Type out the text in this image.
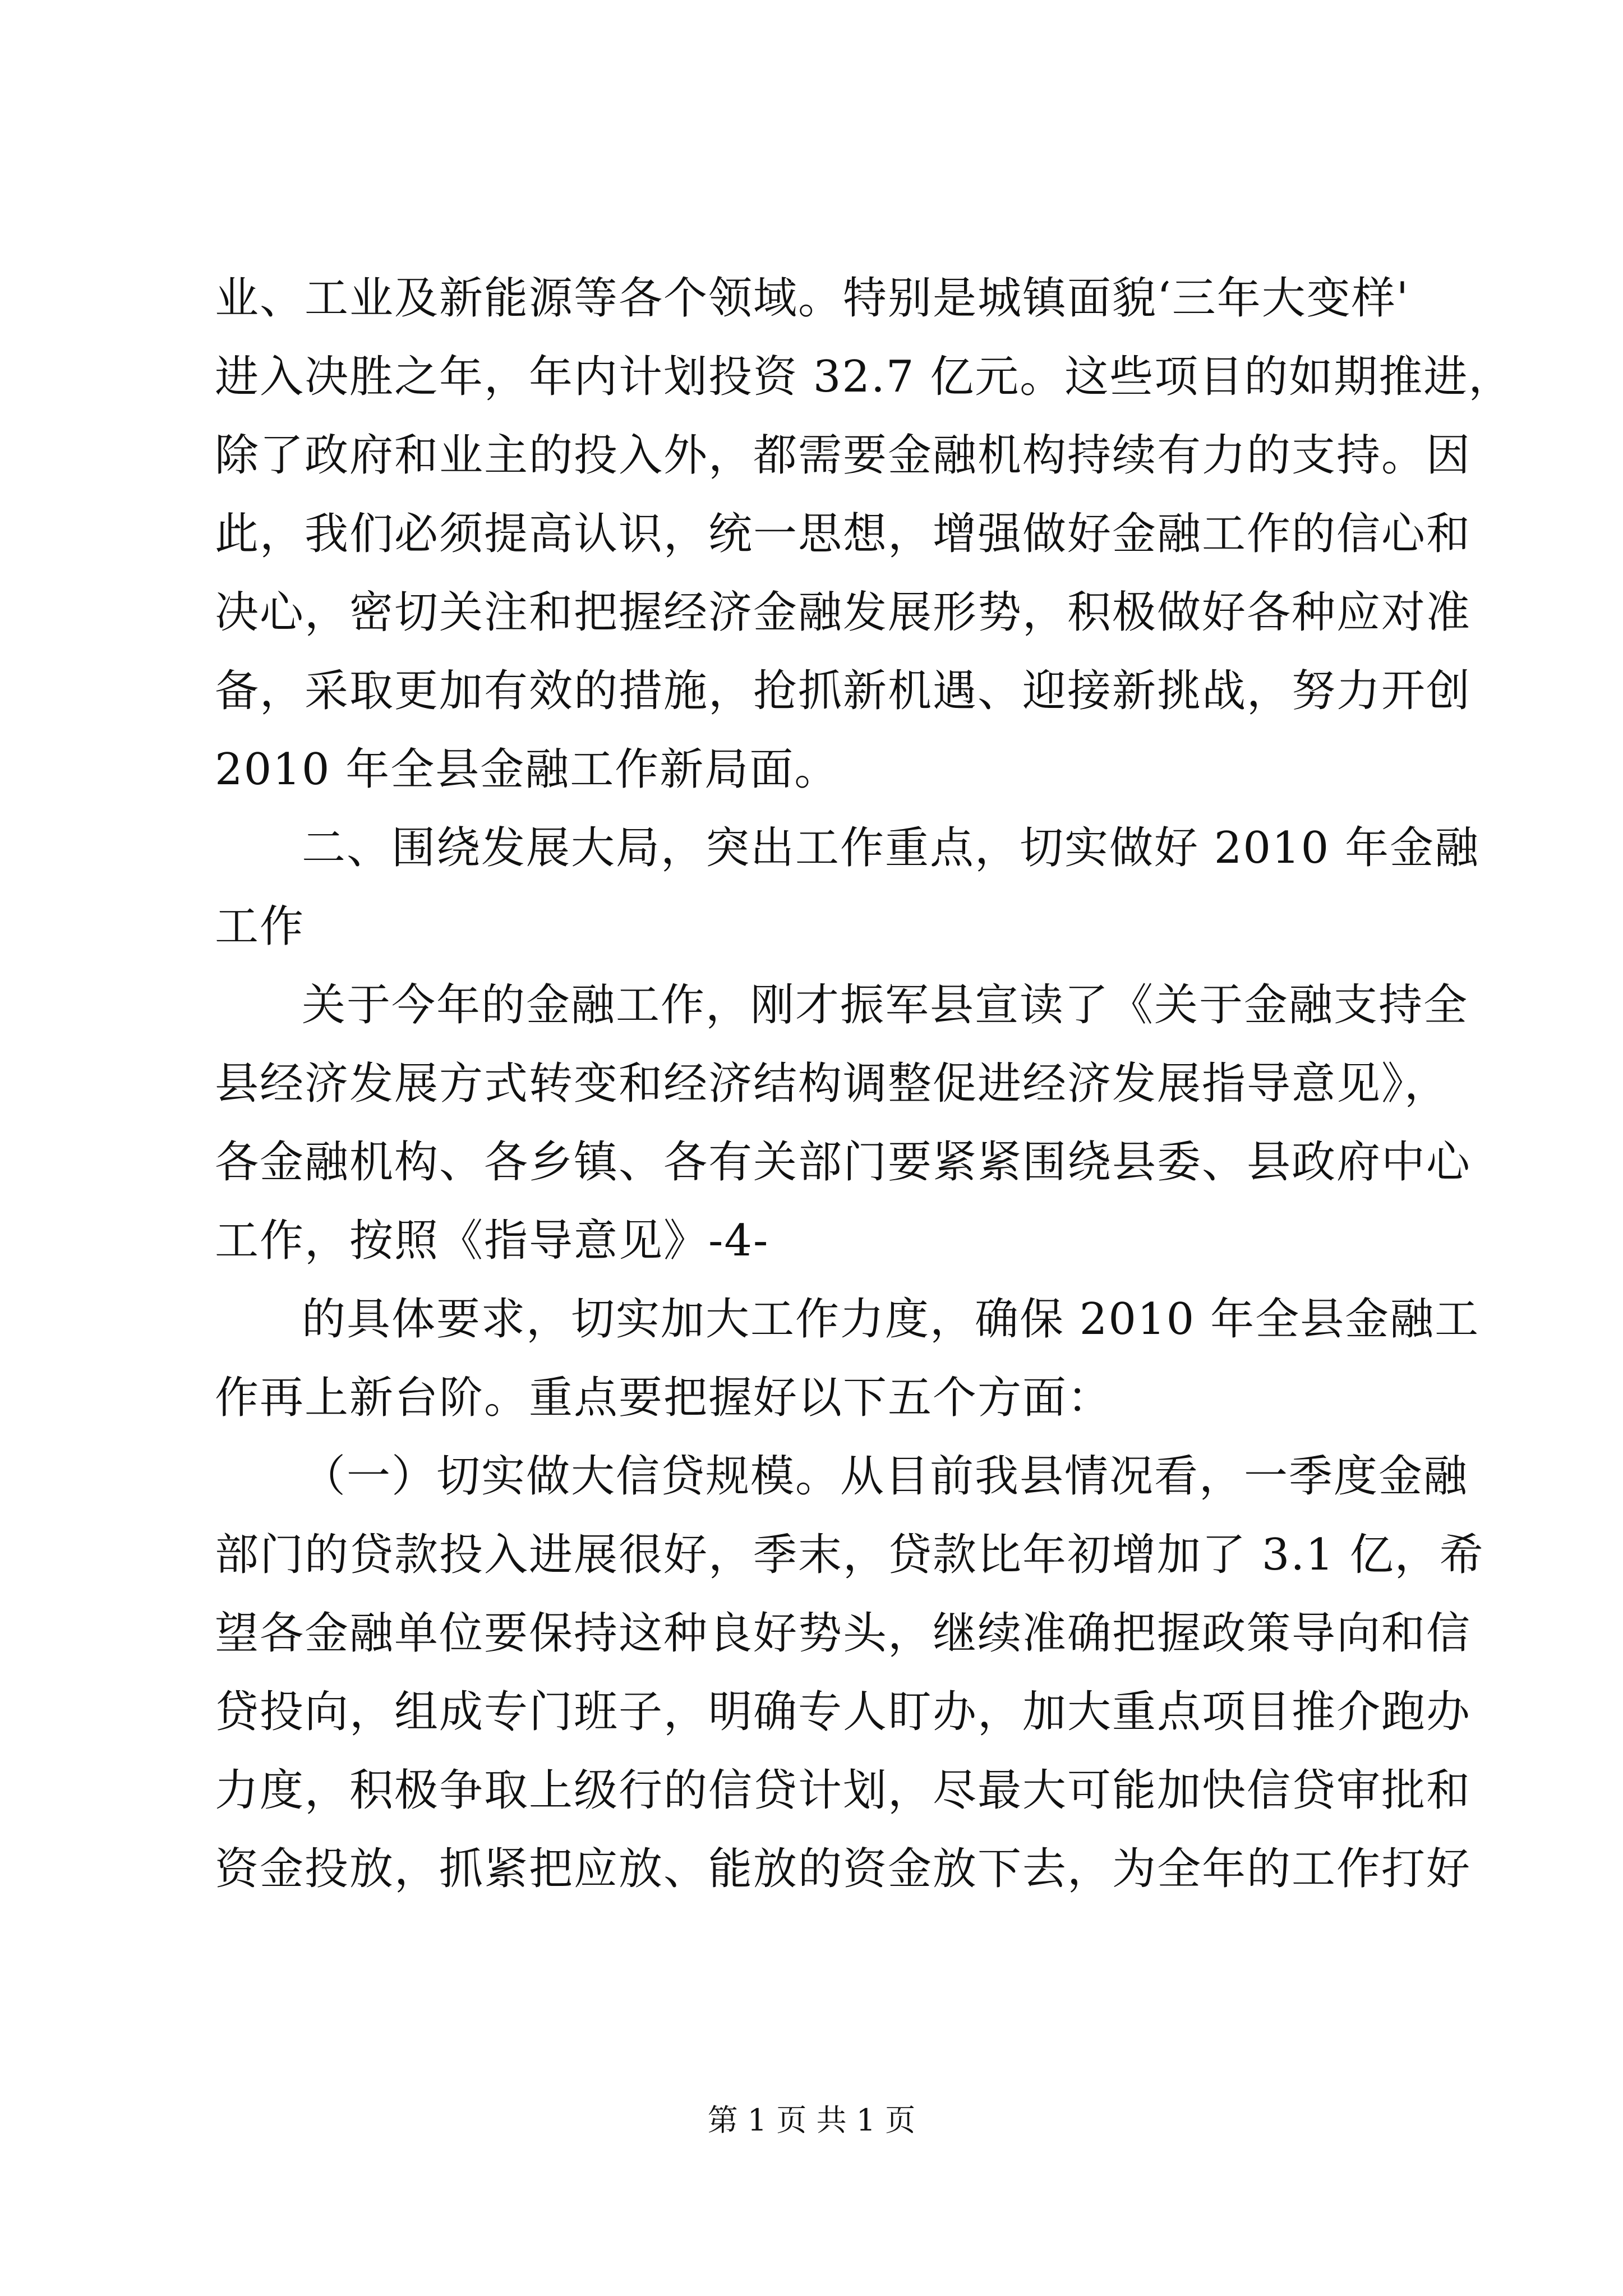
业、工业及新能源等各个领域。特别是城镇面貌‘三年大变样'
进入决胜之年，年内计划投资 32.7 亿元。这些项目的如期推进，
除了政府和业主的投入外，都需要金融机构持续有力的支持。因
此，我们必须提高认识，统一思想，增强做好金融工作的信心和
决心，密切关注和把握经济金融发展形势，积极做好各种应对准
备，采取更加有效的措施，抢抓新机遇、迎接新挑战，努力开创
2010 年全县金融工作新局面。
二、围绕发展大局，突出工作重点，切实做好 2010 年金融
工作
关于今年的金融工作，刚才振军县宣读了《关于金融支持全
县经济发展方式转变和经济结构调整促进经济发展指导意见》，
各金融机构、各乡镇、各有关部门要紧紧围绕县委、县政府中心
工作，按照《指导意见》-4-
的具体要求，切实加大工作力度，确保 2010 年全县金融工
作再上新台阶。重点要把握好以下五个方面：
（一）切实做大信贷规模。从目前我县情况看，一季度金融
部门的贷款投入进展很好，季末，贷款比年初增加了 3.1 亿，希
望各金融单位要保持这种良好势头，继续准确把握政策导向和信
贷投向，组成专门班子，明确专人盯办，加大重点项目推介跑办
力度，积极争取上级行的信贷计划，尽最大可能加快信贷审批和
资金投放，抓紧把应放、能放的资金放下去，为全年的工作打好
第 1 页 共 1 页
